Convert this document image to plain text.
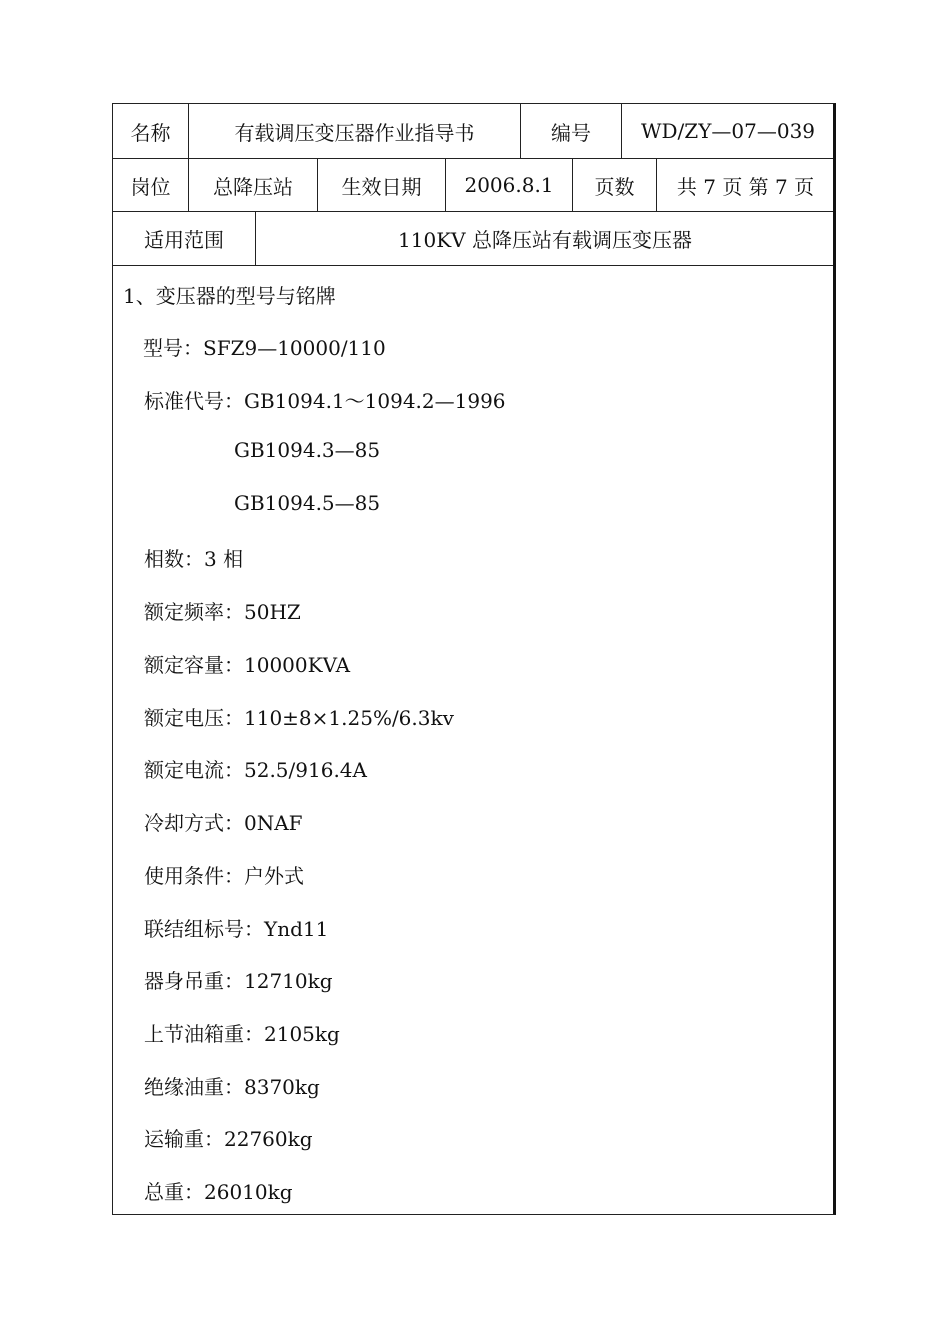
名称	有载调压变压器作业指导书	编号	WD/ZY—07—039
岗位	总降压站	生效日期	2006.8.1	页数	共 7 页 第 7 页
适用范围	110KV 总降压站有载调压变压器
1、变压器的型号与铭牌
型号：SFZ9—10000/110
标准代号：GB1094.1～1094.2—1996
GB1094.3—85
GB1094.5—85
相数：3 相
额定频率：50HZ
额定容量：10000KVA
额定电压：110±8×1.25%/6.3kv
额定电流：52.5/916.4A
冷却方式：0NAF
使用条件：户外式
联结组标号：Ynd11
器身吊重：12710kg
上节油箱重：2105kg
绝缘油重：8370kg
运输重：22760kg
总重：26010kg
